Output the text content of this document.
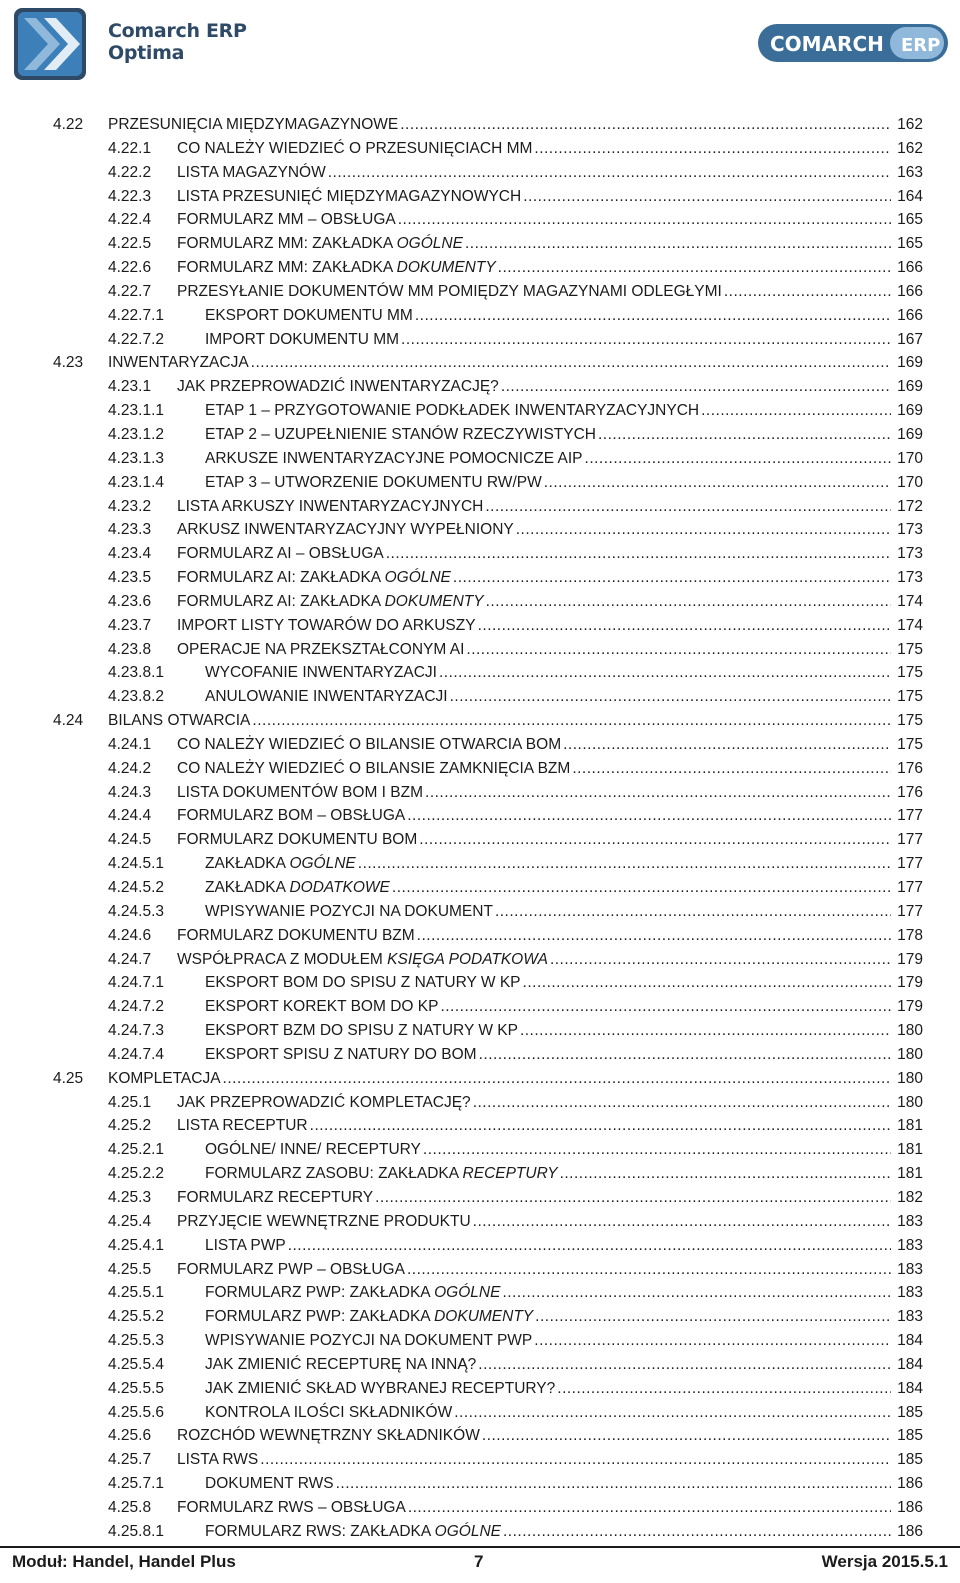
Comarch ERP
Optima	COMARCH ERP
4.22 PRZESUNIĘCIA MIĘDZYMAGAZYNOWE .....	162
4.22.1 CO NALEŻY WIEDZIEĆ O PRZESUNIĘCIACH MM .....	162
4.22.2 LISTA MAGAZYNÓW .....	163
4.22.3 LISTA PRZESUNIĘĆ MIĘDZYMAGAZYNOWYCH .....	164
4.22.4 FORMULARZ MM – OBSŁUGA .....	165
4.22.5 FORMULARZ MM: ZAKŁADKA OGÓLNE .....	165
4.22.6 FORMULARZ MM: ZAKŁADKA DOKUMENTY .....	166
4.22.7 PRZESYŁANIE DOKUMENTÓW MM POMIĘDZY MAGAZYNAMI ODLEGŁYMI .....	166
4.22.7.1	EKSPORT DOKUMENTU MM .....	166
4.22.7.2	IMPORT DOKUMENTU MM .....	167
4.23 INWENTARYZACJA .....	169
4.23.1 JAK PRZEPROWADZIĆ INWENTARYZACJĘ? .....	169
4.23.1.1	ETAP 1 – PRZYGOTOWANIE PODKŁADEK INWENTARYZACYJNYCH .....	169
4.23.1.2	ETAP 2 – UZUPEŁNIENIE STANÓW RZECZYWISTYCH .....	169
4.23.1.3	ARKUSZE INWENTARYZACYJNE POMOCNICZE AIP .....	170
4.23.1.4	ETAP 3 – UTWORZENIE DOKUMENTU RW/PW .....	170
4.23.2 LISTA ARKUSZY INWENTARYZACYJNYCH .....	172
4.23.3 ARKUSZ INWENTARYZACYJNY WYPEŁNIONY .....	173
4.23.4 FORMULARZ AI – OBSŁUGA .....	173
4.23.5 FORMULARZ AI: ZAKŁADKA OGÓLNE .....	173
4.23.6 FORMULARZ AI: ZAKŁADKA DOKUMENTY .....	174
4.23.7 IMPORT LISTY TOWARÓW DO ARKUSZY .....	174
4.23.8 OPERACJE NA PRZEKSZTAŁCONYM AI .....	175
4.23.8.1	WYCOFANIE INWENTARYZACJI .....	175
4.23.8.2	ANULOWANIE INWENTARYZACJI .....	175
4.24 BILANS OTWARCIA .....	175
4.24.1 CO NALEŻY WIEDZIEĆ O BILANSIE OTWARCIA BOM .....	175
4.24.2 CO NALEŻY WIEDZIEĆ O BILANSIE ZAMKNIĘCIA BZM .....	176
4.24.3 LISTA DOKUMENTÓW BOM I BZM .....	176
4.24.4 FORMULARZ BOM – OBSŁUGA .....	177
4.24.5 FORMULARZ DOKUMENTU BOM .....	177
4.24.5.1	ZAKŁADKA OGÓLNE .....	177
4.24.5.2	ZAKŁADKA DODATKOWE .....	177
4.24.5.3	WPISYWANIE POZYCJI NA DOKUMENT .....	177
4.24.6 FORMULARZ DOKUMENTU BZM .....	178
4.24.7 WSPÓŁPRACA Z MODUŁEM KSIĘGA PODATKOWA .....	179
4.24.7.1	EKSPORT BOM DO SPISU Z NATURY W KP .....	179
4.24.7.2	EKSPORT KOREKT BOM DO KP .....	179
4.24.7.3	EKSPORT BZM DO SPISU Z NATURY W KP .....	180
4.24.7.4	EKSPORT SPISU Z NATURY DO BOM .....	180
4.25 KOMPLETACJA .....	180
4.25.1 JAK PRZEPROWADZIĆ KOMPLETACJĘ? .....	180
4.25.2 LISTA RECEPTUR .....	181
4.25.2.1	OGÓLNE/ INNE/ RECEPTURY .....	181
4.25.2.2	FORMULARZ ZASOBU: ZAKŁADKA RECEPTURY .....	181
4.25.3 FORMULARZ RECEPTURY .....	182
4.25.4 PRZYJĘCIE WEWNĘTRZNE PRODUKTU .....	183
4.25.4.1	LISTA PWP .....	183
4.25.5 FORMULARZ PWP – OBSŁUGA .....	183
4.25.5.1	FORMULARZ PWP: ZAKŁADKA OGÓLNE .....	183
4.25.5.2	FORMULARZ PWP: ZAKŁADKA DOKUMENTY .....	183
4.25.5.3	WPISYWANIE POZYCJI NA DOKUMENT PWP .....	184
4.25.5.4	JAK ZMIENIĆ RECEPTURĘ NA INNĄ? .....	184
4.25.5.5	JAK ZMIENIĆ SKŁAD WYBRANEJ RECEPTURY? .....	184
4.25.5.6	KONTROLA ILOŚCI SKŁADNIKÓW .....	185
4.25.6 ROZCHÓD WEWNĘTRZNY SKŁADNIKÓW .....	185
4.25.7 LISTA RWS .....	185
4.25.7.1	DOKUMENT RWS .....	186
4.25.8 FORMULARZ RWS – OBSŁUGA .....	186
4.25.8.1	FORMULARZ RWS: ZAKŁADKA OGÓLNE .....	186
Moduł: Handel, Handel Plus	7	Wersja 2015.5.1
